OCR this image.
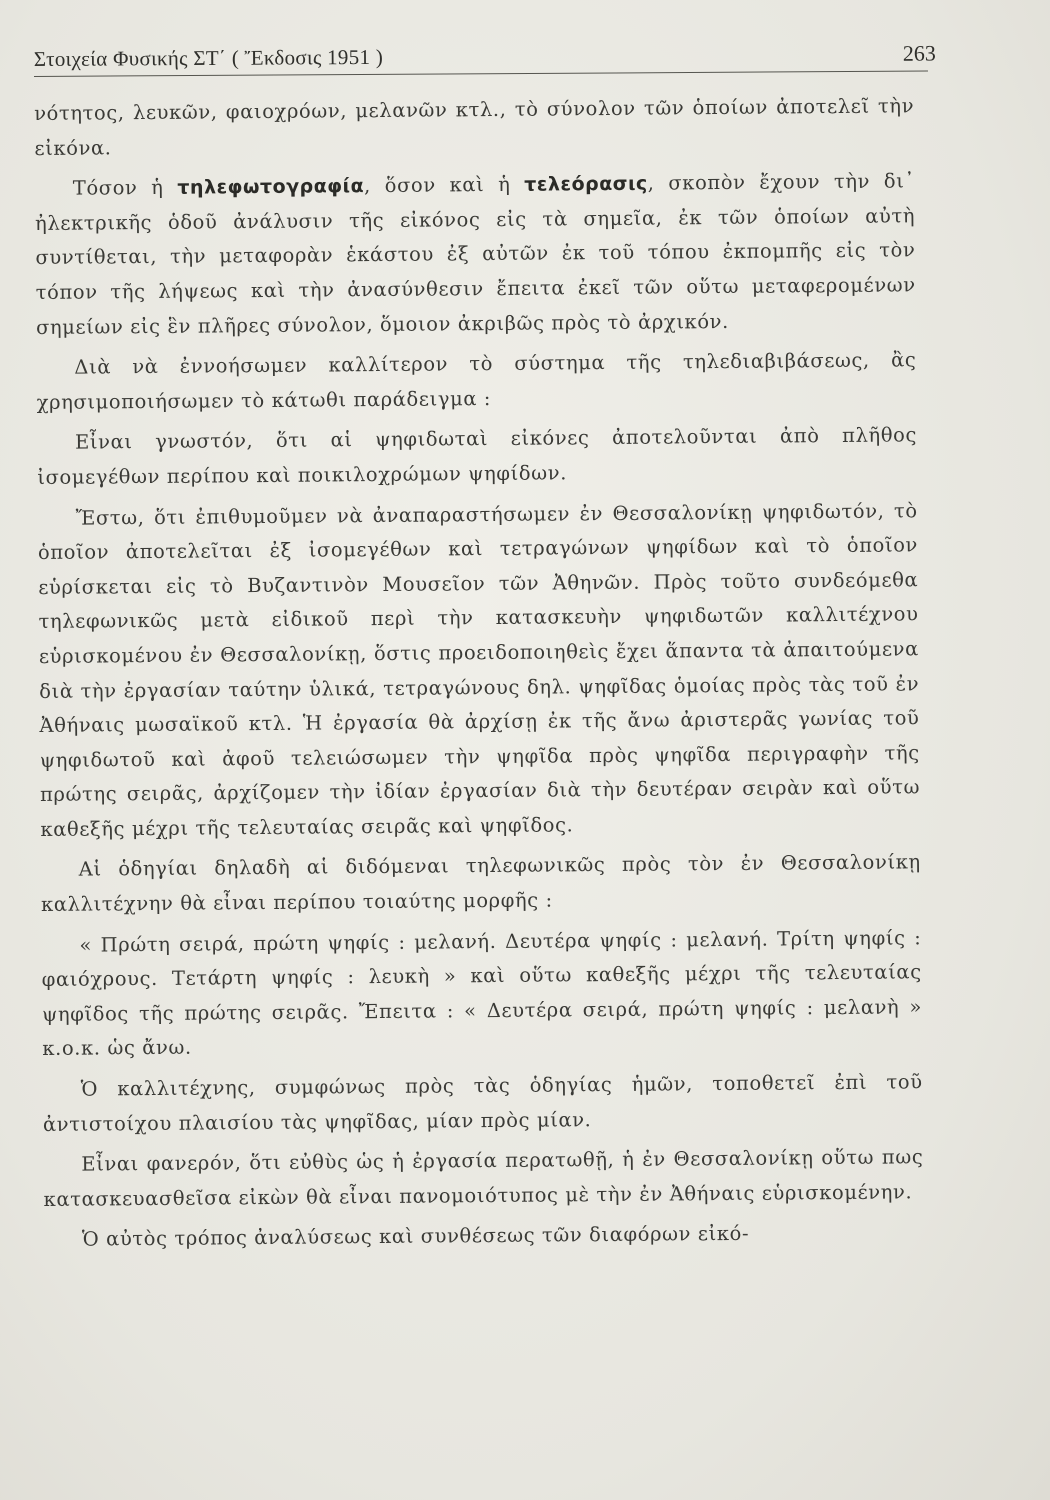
Στοιχεία Φυσικής ΣΤ΄ ( Ἔκδοσις 1951 )	263

νότητος, λευκῶν, φαιοχρόων, μελανῶν κτλ., τὸ σύνολον τῶν ὁποίων ἀποτελεῖ τὴν εἰκόνα.

Τόσον ἡ τηλεφωτογραφία, ὅσον καὶ ἡ τελεόρασις, σκοπὸν ἔχουν τὴν δι᾽ ἠλεκτρικῆς ὁδοῦ ἀνάλυσιν τῆς εἰκόνος εἰς τὰ σημεῖα, ἐκ τῶν ὁποίων αὐτὴ συντίθεται, τὴν μεταφορὰν ἑκάστου ἐξ αὐτῶν ἐκ τοῦ τόπου ἐκπομπῆς εἰς τὸν τόπον τῆς λήψεως καὶ τὴν ἀνασύνθεσιν ἔπειτα ἐκεῖ τῶν οὕτω μεταφερομένων σημείων εἰς ἓν πλῆρες σύνολον, ὅμοιον ἀκριβῶς πρὸς τὸ ἀρχικόν.

Διὰ νὰ ἐννοήσωμεν καλλίτερον τὸ σύστημα τῆς τηλεδιαβιβάσεως, ἂς χρησιμοποιήσωμεν τὸ κάτωθι παράδειγμα :

Εἶναι γνωστόν, ὅτι αἱ ψηφιδωταὶ εἰκόνες ἀποτελοῦνται ἀπὸ πλῆθος ἰσομεγέθων περίπου καὶ ποικιλοχρώμων ψηφίδων.

Ἔστω, ὅτι ἐπιθυμοῦμεν νὰ ἀναπαραστήσωμεν ἐν Θεσσαλονίκῃ ψηφιδωτόν, τὸ ὁποῖον ἀποτελεῖται ἐξ ἰσομεγέθων καὶ τετραγώνων ψηφίδων καὶ τὸ ὁποῖον εὑρίσκεται εἰς τὸ Βυζαντινὸν Μουσεῖον τῶν Ἀθηνῶν. Πρὸς τοῦτο συνδεόμεθα τηλεφωνικῶς μετὰ εἰδικοῦ περὶ τὴν κατασκευὴν ψηφιδωτῶν καλλιτέχνου εὑρισκομένου ἐν Θεσσαλονίκῃ, ὅστις προειδοποιηθεὶς ἔχει ἅπαντα τὰ ἀπαιτούμενα διὰ τὴν ἐργασίαν ταύτην ὑλικά, τετραγώνους δηλ. ψηφῖδας ὁμοίας πρὸς τὰς τοῦ ἐν Ἀθήναις μωσαϊκοῦ κτλ. Ἡ ἐργασία θὰ ἀρχίσῃ ἐκ τῆς ἄνω ἀριστερᾶς γωνίας τοῦ ψηφιδωτοῦ καὶ ἀφοῦ τελειώσωμεν τὴν ψηφῖδα πρὸς ψηφῖδα περιγραφὴν τῆς πρώτης σειρᾶς, ἀρχίζομεν τὴν ἰδίαν ἐργασίαν διὰ τὴν δευτέραν σειρὰν καὶ οὕτω καθεξῆς μέχρι τῆς τελευταίας σειρᾶς καὶ ψηφῖδος.

Αἱ ὁδηγίαι δηλαδὴ αἱ διδόμεναι τηλεφωνικῶς πρὸς τὸν ἐν Θεσσαλονίκῃ καλλιτέχνην θὰ εἶναι περίπου τοιαύτης μορφῆς :

« Πρώτη σειρά, πρώτη ψηφίς : μελανή. Δευτέρα ψηφίς : μελανή. Τρίτη ψηφίς : φαιόχρους. Τετάρτη ψηφίς : λευκὴ » καὶ οὕτω καθεξῆς μέχρι τῆς τελευταίας ψηφῖδος τῆς πρώτης σειρᾶς. Ἔπειτα : « Δευτέρα σειρά, πρώτη ψηφίς : μελανὴ » κ.ο.κ. ὡς ἄνω.

Ὁ καλλιτέχνης, συμφώνως πρὸς τὰς ὁδηγίας ἡμῶν, τοποθετεῖ ἐπὶ τοῦ ἀντιστοίχου πλαισίου τὰς ψηφῖδας, μίαν πρὸς μίαν.

Εἶναι φανερόν, ὅτι εὐθὺς ὡς ἡ ἐργασία περατωθῇ, ἡ ἐν Θεσσαλονίκῃ οὕτω πως κατασκευασθεῖσα εἰκὼν θὰ εἶναι πανομοιότυπος μὲ τὴν ἐν Ἀθήναις εὑρισκομένην.

Ὁ αὐτὸς τρόπος ἀναλύσεως καὶ συνθέσεως τῶν διαφόρων εἰκό-
